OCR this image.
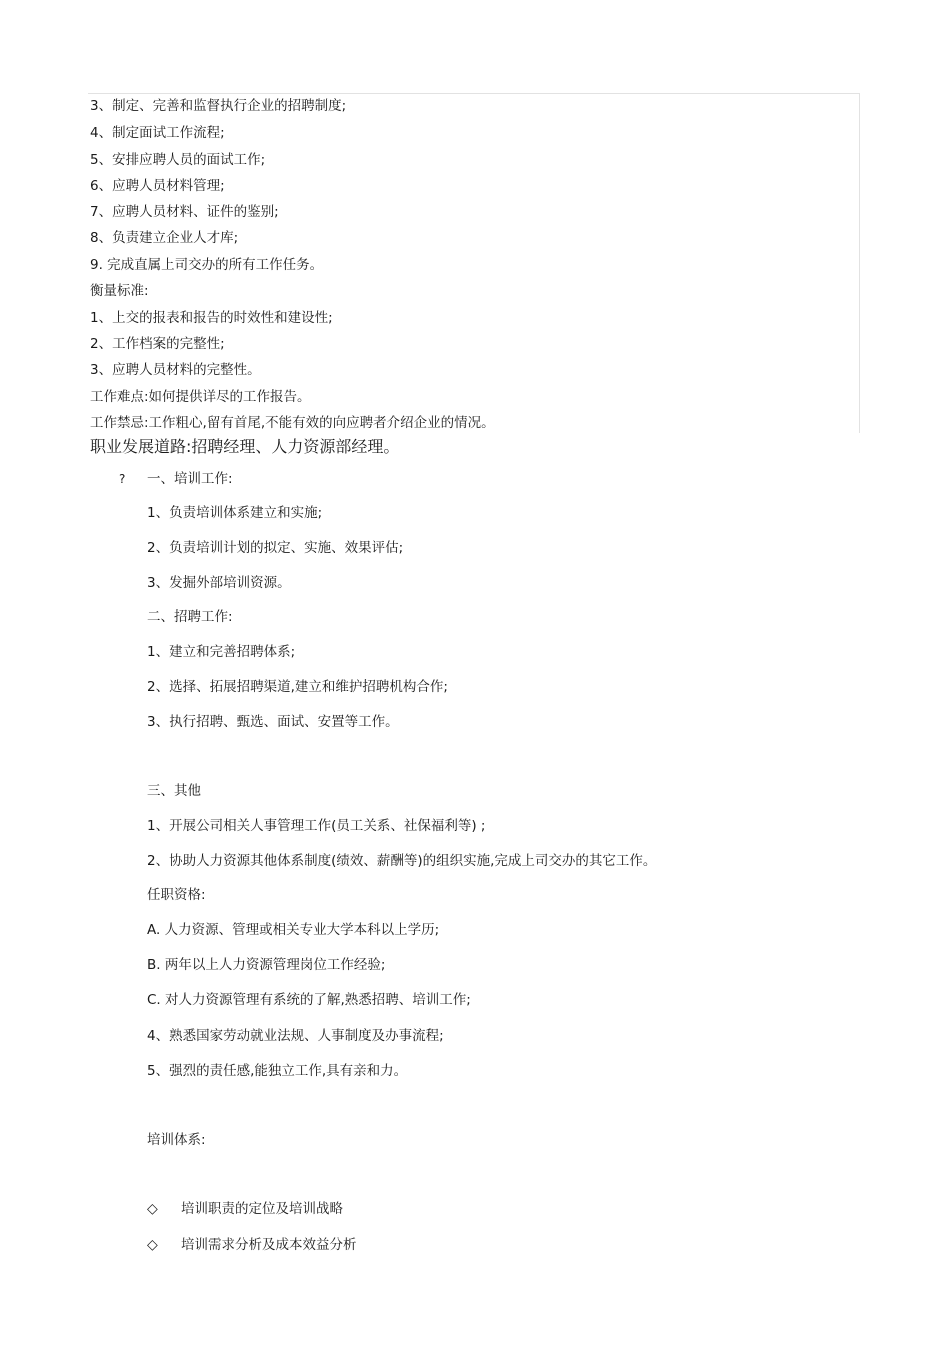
3、制定、完善和监督执行企业的招聘制度;
4、制定面试工作流程;
5、安排应聘人员的面试工作;
6、应聘人员材料管理;
7、应聘人员材料、证件的鉴别;
8、负责建立企业人才库;
9. 完成直属上司交办的所有工作任务。
衡量标准:
1、上交的报表和报告的时效性和建设性;
2、工作档案的完整性;
3、应聘人员材料的完整性。
工作难点:如何提供详尽的工作报告。
工作禁忌:工作粗心,留有首尾,不能有效的向应聘者介绍企业的情况。
职业发展道路:招聘经理、人力资源部经理。
? 一、培训工作:
1、负责培训体系建立和实施;
2、负责培训计划的拟定、实施、效果评估;
3、发掘外部培训资源。
二、招聘工作:
1、建立和完善招聘体系;
2、选择、拓展招聘渠道,建立和维护招聘机构合作;
3、执行招聘、甄选、面试、安置等工作。
三、其他
1、开展公司相关人事管理工作(员工关系、社保福利等) ;
2、协助人力资源其他体系制度(绩效、薪酬等)的组织实施,完成上司交办的其它工作。
任职资格:
A. 人力资源、管理或相关专业大学本科以上学历;
B. 两年以上人力资源管理岗位工作经验;
C. 对人力资源管理有系统的了解,熟悉招聘、培训工作;
4、熟悉国家劳动就业法规、人事制度及办事流程;
5、强烈的责任感,能独立工作,具有亲和力。
培训体系:
◇ 培训职责的定位及培训战略
◇ 培训需求分析及成本效益分析
